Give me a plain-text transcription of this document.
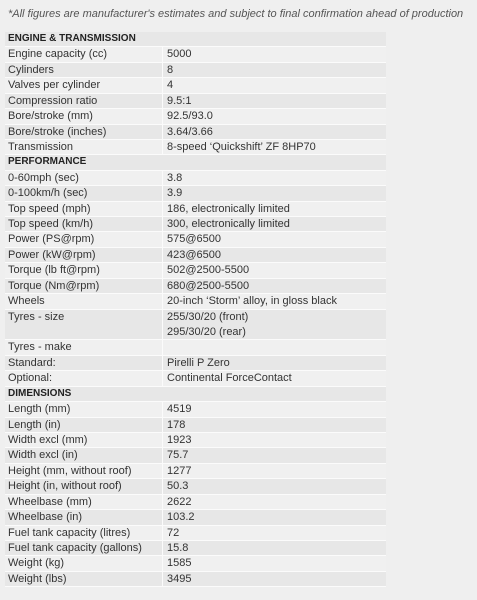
*All figures are manufacturer's estimates and subject to final confirmation ahead of production
ENGINE & TRANSMISSION
Engine capacity (cc)	5000
Cylinders	8
Valves per cylinder	4
Compression ratio	9.5:1
Bore/stroke (mm)	92.5/93.0
Bore/stroke (inches)	3.64/3.66
Transmission	8-speed ‘Quickshift’ ZF 8HP70
PERFORMANCE
0-60mph (sec)	3.8
0-100km/h (sec)	3.9
Top speed (mph)	186, electronically limited
Top speed (km/h)	300, electronically limited
Power (PS@rpm)	575@6500
Power (kW@rpm)	423@6500
Torque (lb ft@rpm)	502@2500-5500
Torque (Nm@rpm)	680@2500-5500
Wheels	20-inch ‘Storm’ alloy, in gloss black
Tyres - size	255/30/20 (front)
295/30/20 (rear)
Tyres - make
Standard:	Pirelli P Zero
Optional:	Continental ForceContact
DIMENSIONS
Length (mm)	4519
Length (in)	178
Width excl (mm)	1923
Width excl (in)	75.7
Height (mm, without roof)	1277
Height (in, without roof)	50.3
Wheelbase (mm)	2622
Wheelbase (in)	103.2
Fuel tank capacity (litres)	72
Fuel tank capacity (gallons)	15.8
Weight (kg)	1585
Weight (lbs)	3495
